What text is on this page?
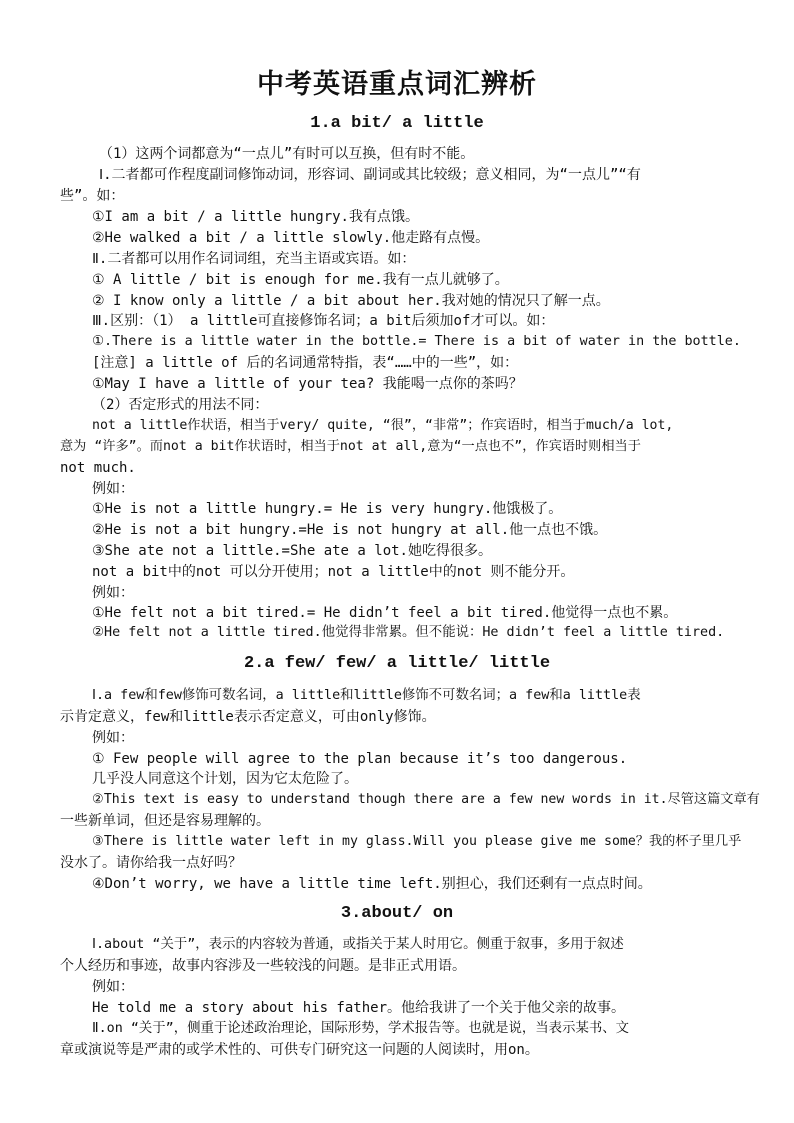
中考英语重点词汇辨析
1.a bit/ a little
（1）这两个词都意为“一点儿”有时可以互换，但有时不能。
Ⅰ.二者都可作程度副词修饰动词，形容词、副词或其比较级；意义相同，为“一点儿”“有
些”。如：
①I am a bit / a little hungry.我有点饿。
②He walked a bit / a little slowly.他走路有点慢。
Ⅱ.二者都可以用作名词词组，充当主语或宾语。如：
① A little / bit is enough for me.我有一点儿就够了。
② I know only a little / a bit about her.我对她的情况只了解一点。
Ⅲ.区别：（1） a little可直接修饰名词；a bit后须加of才可以。如：
①.There is a little water in the bottle.= There is a bit of water in the bottle.
[注意] a little of 后的名词通常特指，表“……中的一些”，如：
①May I have a little of your tea? 我能喝一点你的茶吗？
（2）否定形式的用法不同：
not a little作状语，相当于very/ quite, “很”，“非常”；作宾语时，相当于much/a lot,
意为 “许多”。而not a bit作状语时，相当于not at all,意为“一点也不”，作宾语时则相当于
not much.
例如：
①He is not a little hungry.= He is very hungry.他饿极了。
②He is not a bit hungry.=He is not hungry at all.他一点也不饿。
③She ate not a little.=She ate a lot.她吃得很多。
not a bit中的not 可以分开使用；not a little中的not 则不能分开。
例如：
①He felt not a bit tired.= He didn’t feel a bit tired.他觉得一点也不累。
②He felt not a little tired.他觉得非常累。但不能说：He didn’t feel a little tired.
2.a few/ few/ a little/ little
Ⅰ.a few和few修饰可数名词，a little和little修饰不可数名词；a few和a little表
示肯定意义，few和little表示否定意义，可由only修饰。
例如：
① Few people will agree to the plan because it’s too dangerous.
几乎没人同意这个计划，因为它太危险了。
②This text is easy to understand though there are a few new words in it.尽管这篇文章有
一些新单词，但还是容易理解的。
③There is little water left in my glass.Will you please give me some？我的杯子里几乎
没水了。请你给我一点好吗？
④Don’t worry, we have a little time left.别担心，我们还剩有一点点时间。
3.about/ on
Ⅰ.about “关于”，表示的内容较为普通，或指关于某人时用它。侧重于叙事，多用于叙述
个人经历和事迹，故事内容涉及一些较浅的问题。是非正式用语。
例如：
He told me a story about his father。他给我讲了一个关于他父亲的故事。
Ⅱ.on “关于”，侧重于论述政治理论，国际形势，学术报告等。也就是说，当表示某书、文
章或演说等是严肃的或学术性的、可供专门研究这一问题的人阅读时，用on。
